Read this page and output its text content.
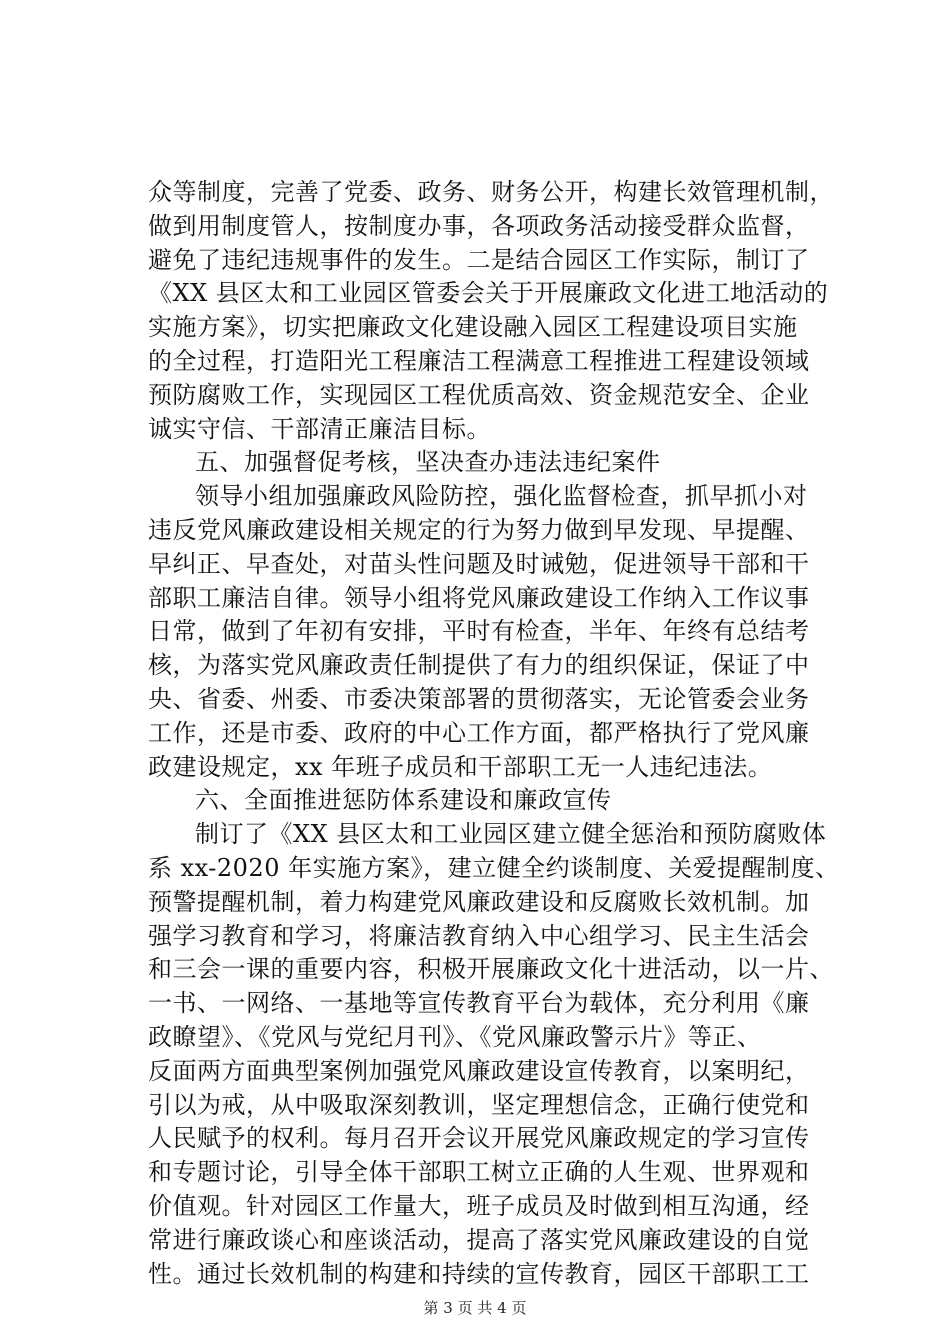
众等制度，完善了党委、政务、财务公开，构建长效管理机制，
做到用制度管人，按制度办事，各项政务活动接受群众监督，
避免了违纪违规事件的发生。二是结合园区工作实际，制订了
《XX 县区太和工业园区管委会关于开展廉政文化进工地活动的
实施方案》，切实把廉政文化建设融入园区工程建设项目实施
的全过程，打造阳光工程廉洁工程满意工程推进工程建设领域
预防腐败工作，实现园区工程优质高效、资金规范安全、企业
诚实守信、干部清正廉洁目标。
五、加强督促考核，坚决查办违法违纪案件
领导小组加强廉政风险防控，强化监督检查，抓早抓小对
违反党风廉政建设相关规定的行为努力做到早发现、早提醒、
早纠正、早查处，对苗头性问题及时诫勉，促进领导干部和干
部职工廉洁自律。领导小组将党风廉政建设工作纳入工作议事
日常，做到了年初有安排，平时有检查，半年、年终有总结考
核，为落实党风廉政责任制提供了有力的组织保证，保证了中
央、省委、州委、市委决策部署的贯彻落实，无论管委会业务
工作，还是市委、政府的中心工作方面，都严格执行了党风廉
政建设规定，xx 年班子成员和干部职工无一人违纪违法。
六、全面推进惩防体系建设和廉政宣传
制订了《XX 县区太和工业园区建立健全惩治和预防腐败体
系 xx-2020 年实施方案》，建立健全约谈制度、关爱提醒制度、
预警提醒机制，着力构建党风廉政建设和反腐败长效机制。加
强学习教育和学习，将廉洁教育纳入中心组学习、民主生活会
和三会一课的重要内容，积极开展廉政文化十进活动，以一片、
一书、一网络、一基地等宣传教育平台为载体，充分利用《廉
政瞭望》、《党风与党纪月刊》、《党风廉政警示片》等正、
反面两方面典型案例加强党风廉政建设宣传教育，以案明纪，
引以为戒，从中吸取深刻教训，坚定理想信念，正确行使党和
人民赋予的权利。每月召开会议开展党风廉政规定的学习宣传
和专题讨论，引导全体干部职工树立正确的人生观、世界观和
价值观。针对园区工作量大，班子成员及时做到相互沟通，经
常进行廉政谈心和座谈活动，提高了落实党风廉政建设的自觉
性。通过长效机制的构建和持续的宣传教育，园区干部职工工
第 3 页 共 4 页
